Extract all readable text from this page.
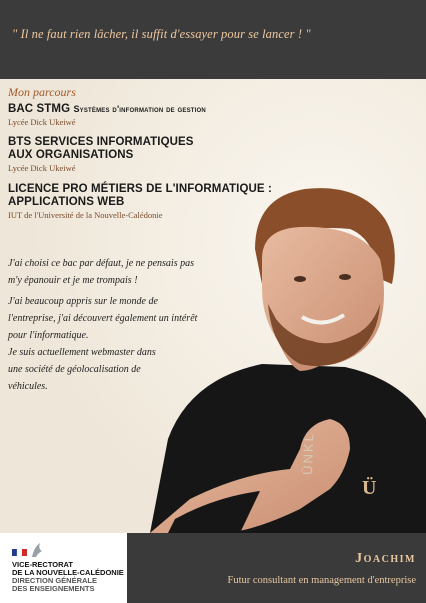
" Il ne faut rien lâcher, il suffit d'essayer pour se lancer ! "
ÜNKL
Ü
Mon parcours
BAC STMG Systèmes d'information de gestion
Lycée Dick Ukeiwé
BTS SERVICES INFORMATIQUES
AUX ORGANISATIONS
Lycée Dick Ukeiwé
LICENCE PRO MÉTIERS DE L'INFORMATIQUE :
APPLICATIONS WEB
IUT de l'Université de la Nouvelle-Calédonie
J'ai choisi ce bac par défaut, je ne pensais pas
m'y épanouir et je me trompais !
J'ai beaucoup appris sur le monde de
l'entreprise, j'ai découvert également un intérêt
pour l'informatique.
Je suis actuellement webmaster dans
une société de géolocalisation de
véhicules.
VICE-RECTORAT
DE LA NOUVELLE-CALÉDONIE
DIRECTION GÉNÉRALE
DES ENSEIGNEMENTS
Joachim
Futur consultant en management d'entreprise
